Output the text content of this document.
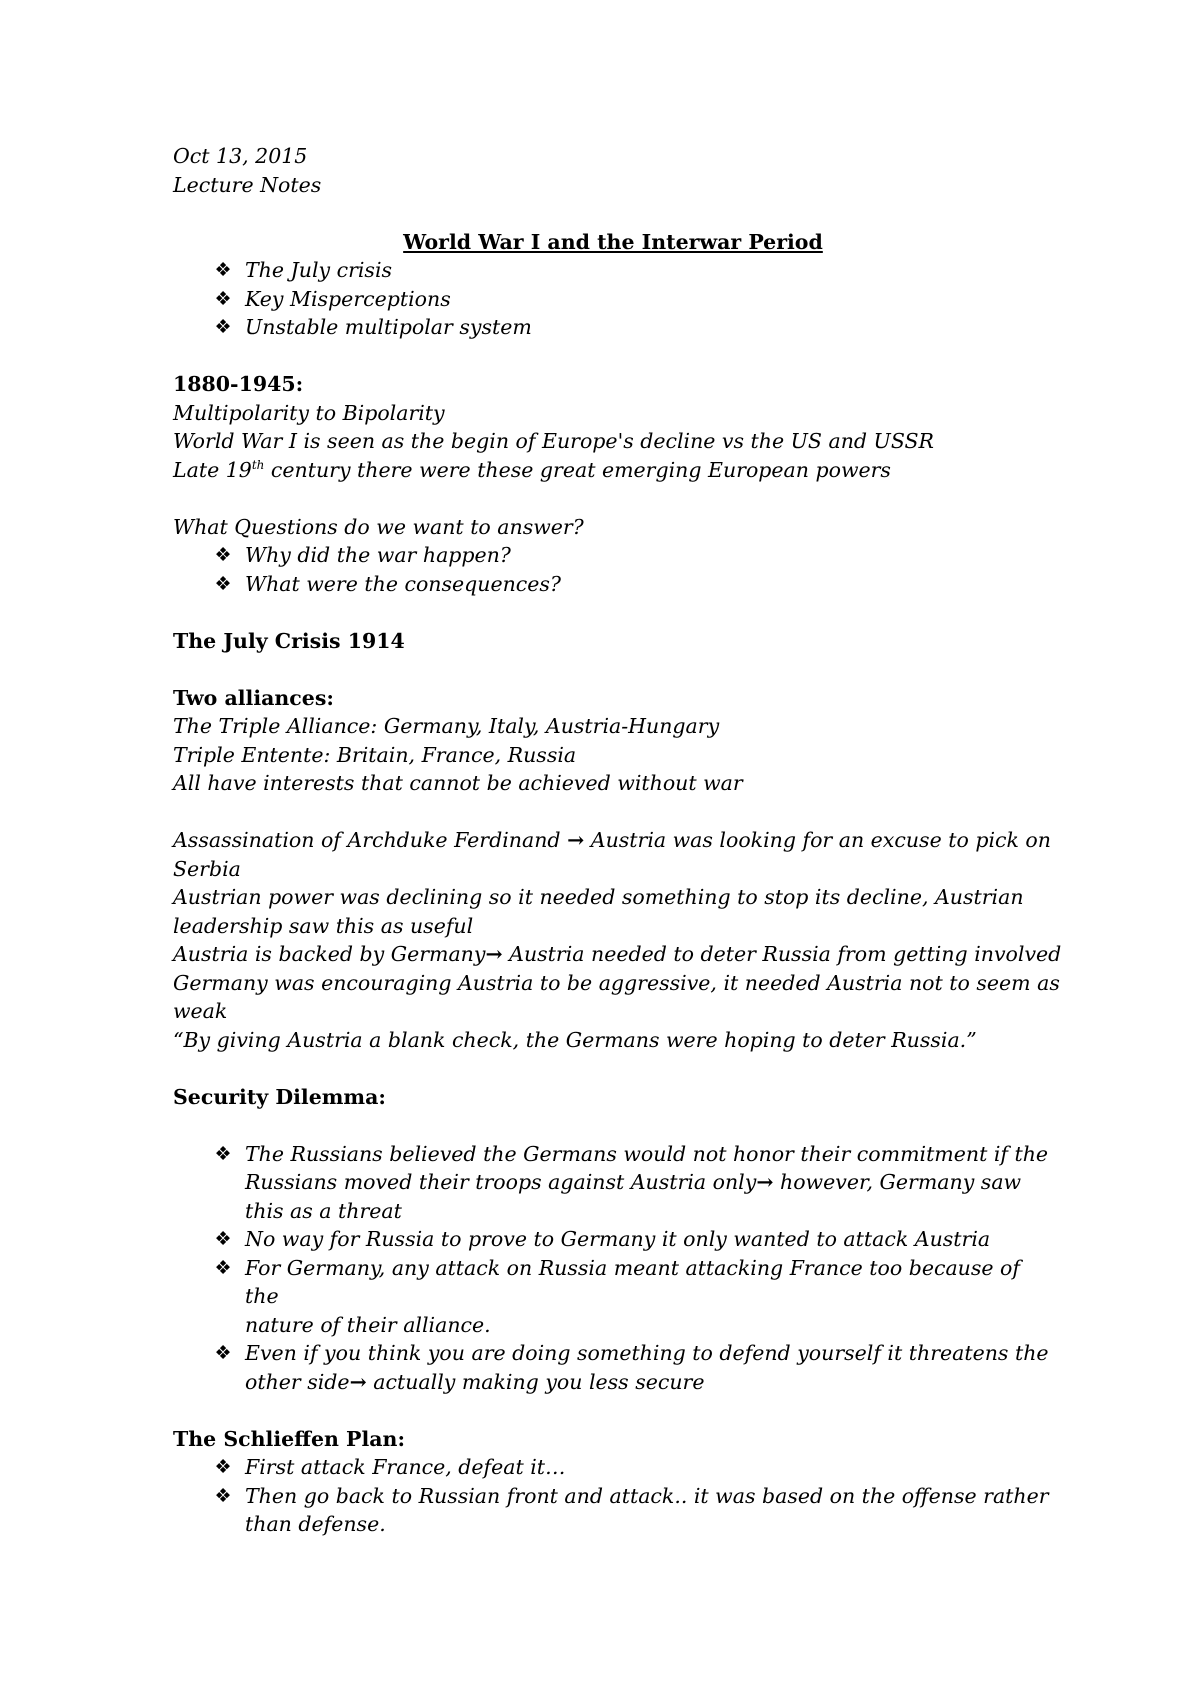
Oct 13, 2015
Lecture Notes
World War I and the Interwar Period
❖ The July crisis
❖ Key Misperceptions
❖ Unstable multipolar system
1880-1945:
Multipolarity to Bipolarity
World War I is seen as the begin of Europe's decline vs the US and USSR
Late 19th century there were these great emerging European powers
What Questions do we want to answer?
❖ Why did the war happen?
❖ What were the consequences?
The July Crisis 1914
Two alliances:
The Triple Alliance: Germany, Italy, Austria-Hungary
Triple Entente: Britain, France, Russia
All have interests that cannot be achieved without war
Assassination of Archduke Ferdinand → Austria was looking for an excuse to pick on
Serbia
Austrian power was declining so it needed something to stop its decline, Austrian
leadership saw this as useful
Austria is backed by Germany→ Austria needed to deter Russia from getting involved
Germany was encouraging Austria to be aggressive, it needed Austria not to seem as
weak
“By giving Austria a blank check, the Germans were hoping to deter Russia.”
Security Dilemma:
❖ The Russians believed the Germans would not honor their commitment if the
Russians moved their troops against Austria only→ however, Germany saw
this as a threat
❖ No way for Russia to prove to Germany it only wanted to attack Austria
❖ For Germany, any attack on Russia meant attacking France too because of the
nature of their alliance.
❖ Even if you think you are doing something to defend yourself it threatens the
other side→ actually making you less secure
The Schlieffen Plan:
❖ First attack France, defeat it…
❖ Then go back to Russian front and attack.. it was based on the offense rather
than defense.
